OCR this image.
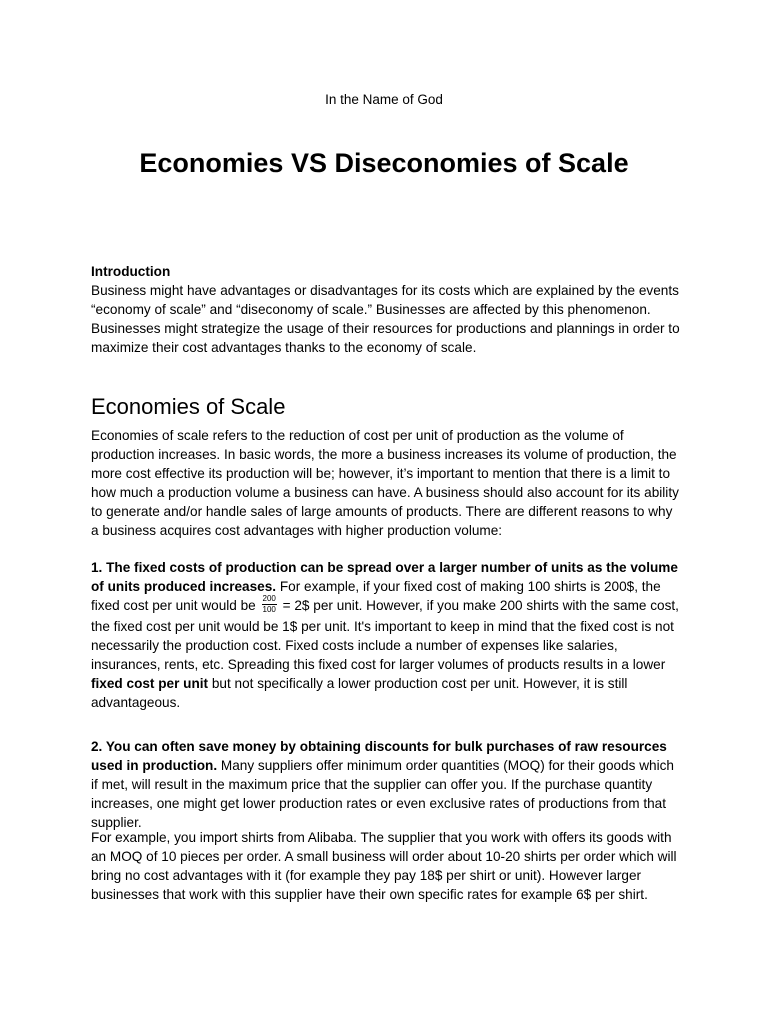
In the Name of God
Economies VS Diseconomies of Scale
Introduction
Business might have advantages or disadvantages for its costs which are explained by the events “economy of scale” and “diseconomy of scale.” Businesses are affected by this phenomenon. Businesses might strategize the usage of their resources for productions and plannings in order to maximize their cost advantages thanks to the economy of scale.
Economies of Scale
Economies of scale refers to the reduction of cost per unit of production as the volume of production increases. In basic words, the more a business increases its volume of production, the more cost effective its production will be; however, it’s important to mention that there is a limit to how much a production volume a business can have. A business should also account for its ability to generate and/or handle sales of large amounts of products. There are different reasons to why a business acquires cost advantages with higher production volume:
1. The fixed costs of production can be spread over a larger number of units as the volume of units produced increases. For example, if your fixed cost of making 100 shirts is 200$, the fixed cost per unit would be $\frac{200}{100}$ = 2$ per unit. However, if you make 200 shirts with the same cost, the fixed cost per unit would be 1$ per unit. It's important to keep in mind that the fixed cost is not necessarily the production cost. Fixed costs include a number of expenses like salaries, insurances, rents, etc. Spreading this fixed cost for larger volumes of products results in a lower fixed cost per unit but not specifically a lower production cost per unit. However, it is still advantageous.
2. You can often save money by obtaining discounts for bulk purchases of raw resources used in production. Many suppliers offer minimum order quantities (MOQ) for their goods which if met, will result in the maximum price that the supplier can offer you. If the purchase quantity increases, one might get lower production rates or even exclusive rates of productions from that supplier.
For example, you import shirts from Alibaba. The supplier that you work with offers its goods with an MOQ of 10 pieces per order. A small business will order about 10-20 shirts per order which will bring no cost advantages with it (for example they pay 18$ per shirt or unit). However larger businesses that work with this supplier have their own specific rates for example 6$ per shirt.
